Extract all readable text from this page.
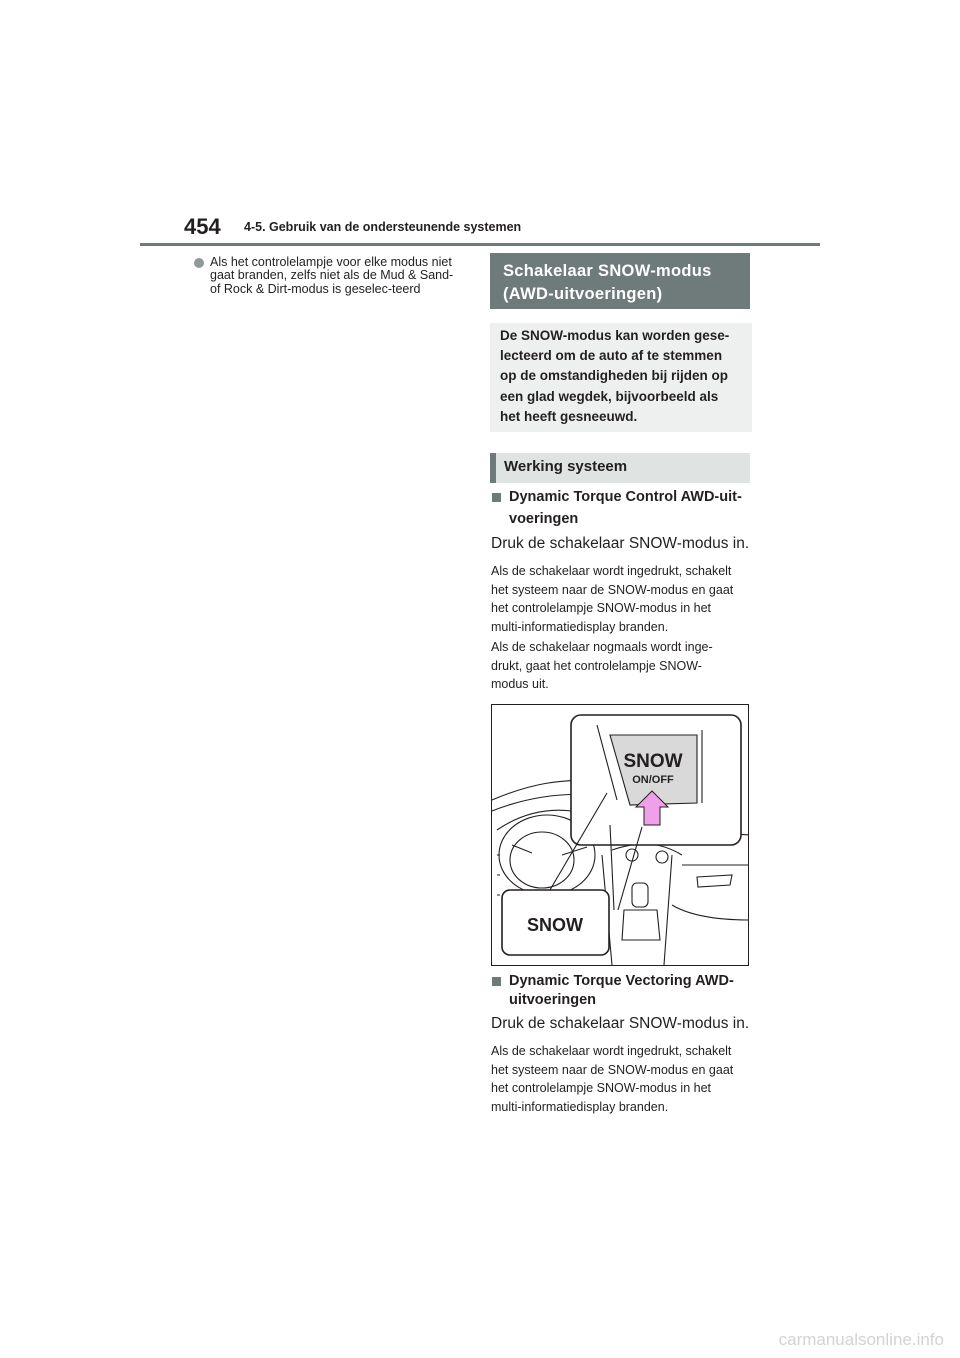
454 4-5. Gebruik van de ondersteunende systemen
Als het controlelampje voor elke modus niet gaat branden, zelfs niet als de Mud & Sand- of Rock & Dirt-modus is geselec-teerd
Schakelaar SNOW-modus
(AWD-uitvoeringen)
De SNOW-modus kan worden gese-
lecteerd om de auto af te stemmen
op de omstandigheden bij rijden op
een glad wegdek, bijvoorbeeld als
het heeft gesneeuwd.
Werking systeem
Dynamic Torque Control AWD-uit-
voeringen
Druk de schakelaar SNOW-modus in.
Als de schakelaar wordt ingedrukt, schakelt
het systeem naar de SNOW-modus en gaat
het controlelampje SNOW-modus in het
multi-informatiedisplay branden.
Als de schakelaar nogmaals wordt inge-
drukt, gaat het controlelampje SNOW-
modus uit.
SNOW
ON/OFF
SNOW
Dynamic Torque Vectoring AWD-
uitvoeringen
Druk de schakelaar SNOW-modus in.
Als de schakelaar wordt ingedrukt, schakelt
het systeem naar de SNOW-modus en gaat
het controlelampje SNOW-modus in het
multi-informatiedisplay branden.
carmanualsonline.info
